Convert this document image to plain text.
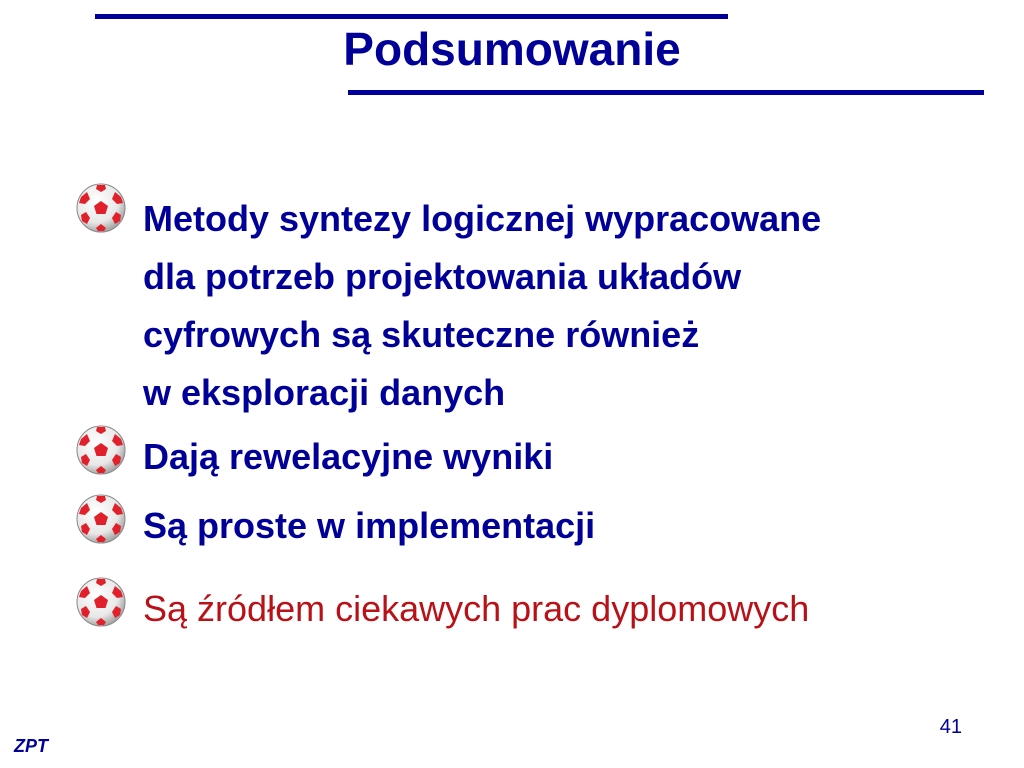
Podsumowanie
Metody syntezy logicznej wypracowane
dla potrzeb projektowania układów
cyfrowych są skuteczne również
w eksploracji danych
Dają rewelacyjne wyniki
Są proste w implementacji
Są źródłem ciekawych prac dyplomowych
ZPT
41
